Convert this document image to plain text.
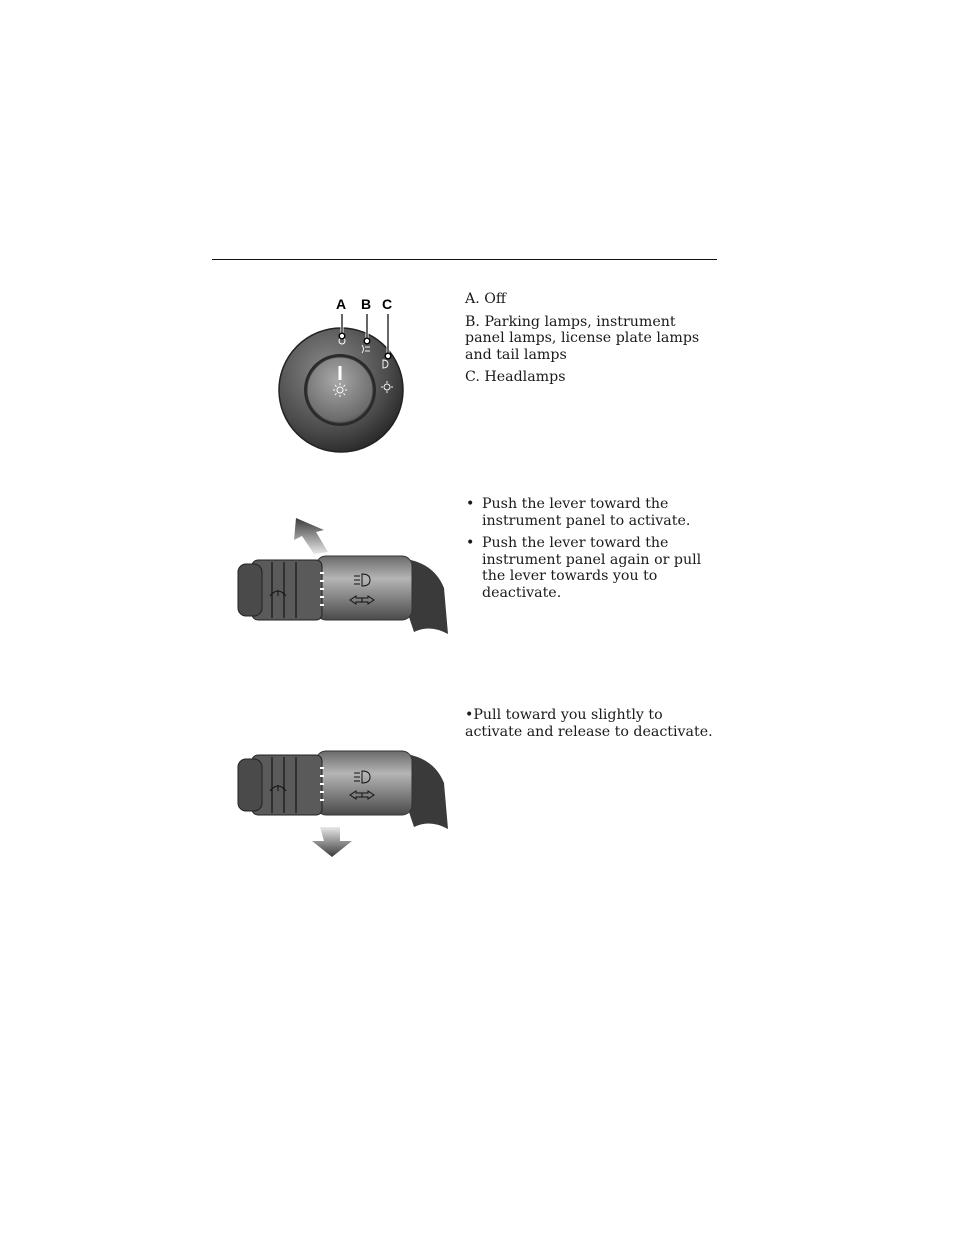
A B C	A. Off

B. Parking lamps, instrument panel lamps, license plate lamps and tail lamps

C. Headlamps

• Push the lever toward the instrument panel to activate.
• Push the lever toward the instrument panel again or pull the lever towards you to deactivate.

•Pull toward you slightly to activate and release to deactivate.
